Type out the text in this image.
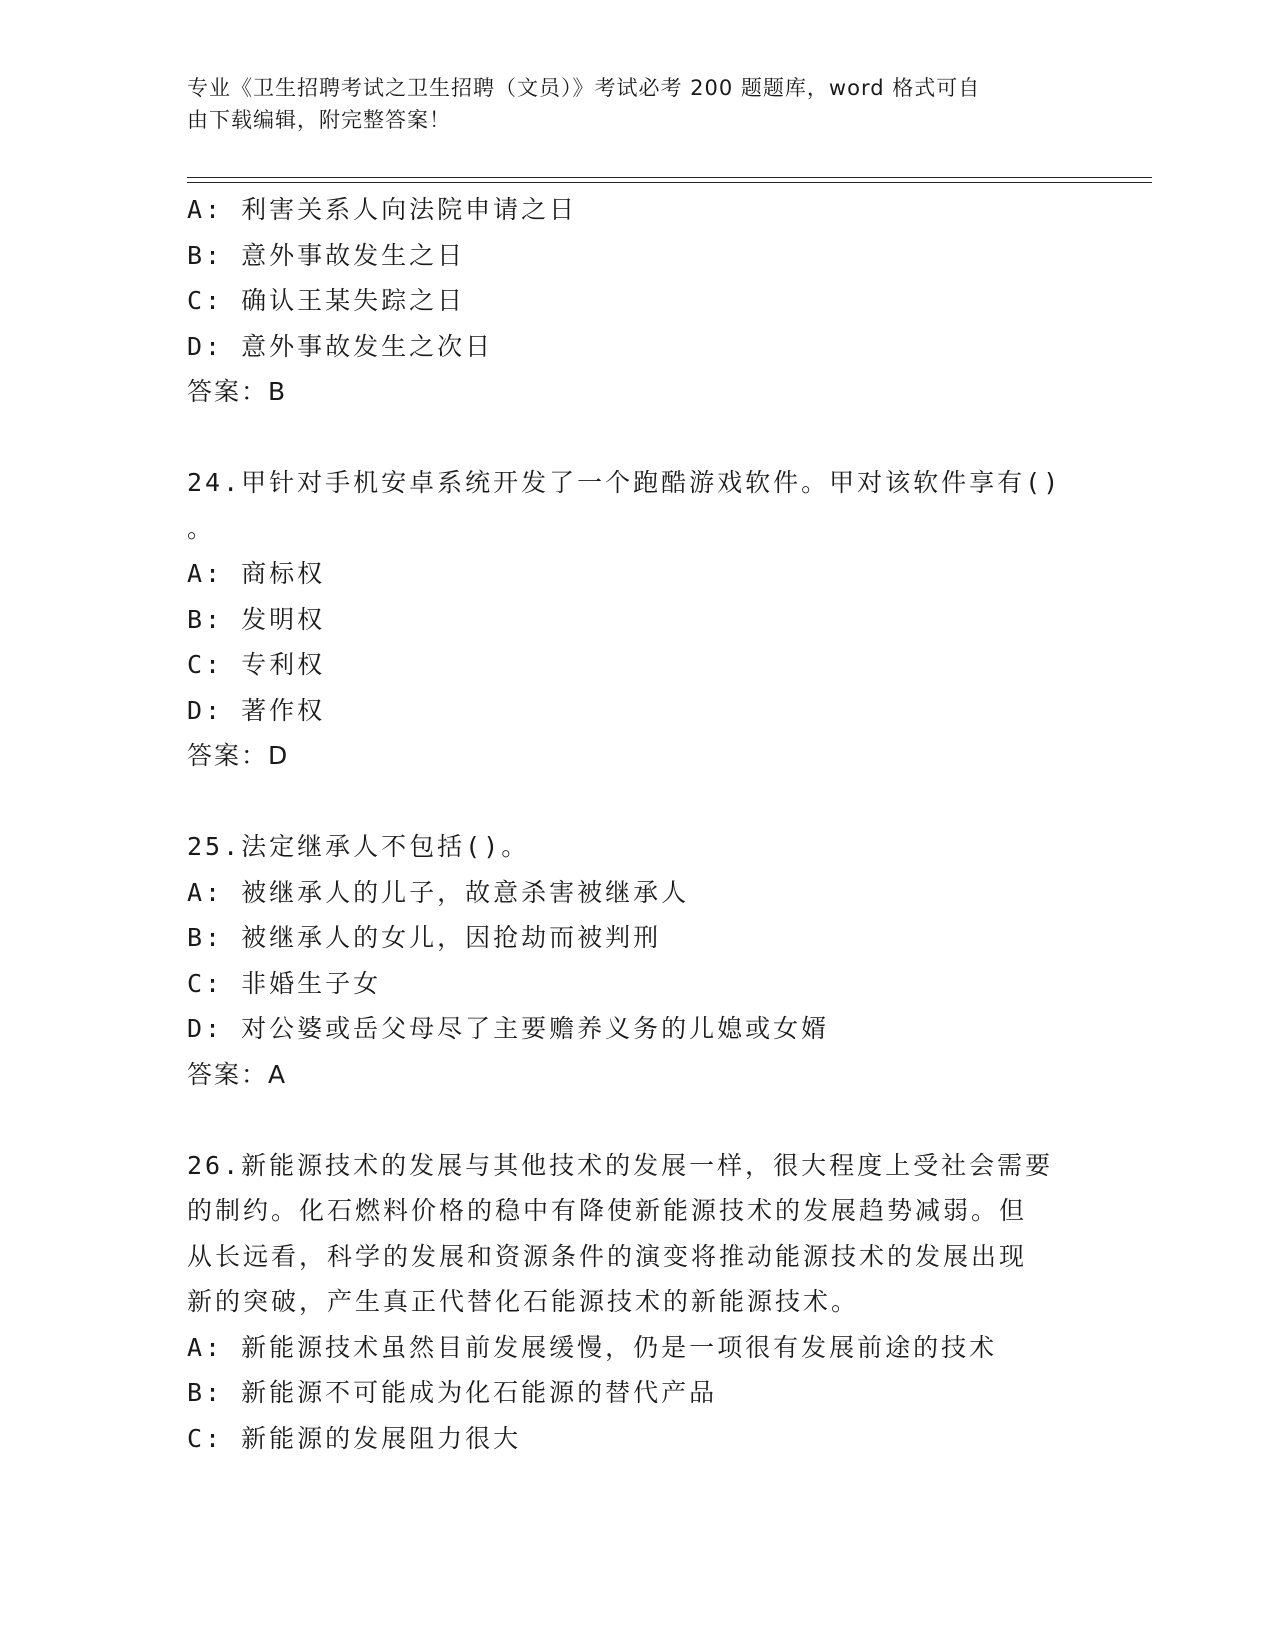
专业《卫生招聘考试之卫生招聘（文员）》考试必考 200 题题库，word 格式可自
由下载编辑，附完整答案！
A: 利害关系人向法院申请之日
B: 意外事故发生之日
C: 确认王某失踪之日
D: 意外事故发生之次日
答案：B
24.甲针对手机安卓系统开发了一个跑酷游戏软件。甲对该软件享有()
。
A: 商标权
B: 发明权
C: 专利权
D: 著作权
答案：D
25.法定继承人不包括()。
A: 被继承人的儿子，故意杀害被继承人
B: 被继承人的女儿，因抢劫而被判刑
C: 非婚生子女
D: 对公婆或岳父母尽了主要赡养义务的儿媳或女婿
答案：A
26.新能源技术的发展与其他技术的发展一样，很大程度上受社会需要
的制约。化石燃料价格的稳中有降使新能源技术的发展趋势减弱。但
从长远看，科学的发展和资源条件的演变将推动能源技术的发展出现
新的突破，产生真正代替化石能源技术的新能源技术。
A: 新能源技术虽然目前发展缓慢，仍是一项很有发展前途的技术
B: 新能源不可能成为化石能源的替代产品
C: 新能源的发展阻力很大
